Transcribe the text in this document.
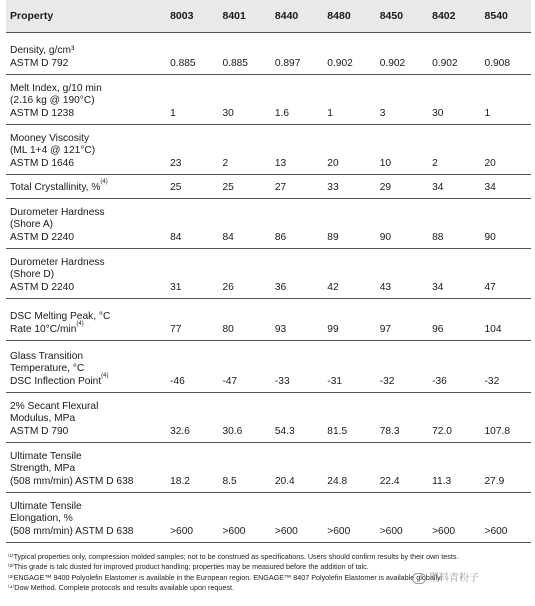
Property	8003	8401	8440	8480	8450	8402	8540

Density, g/cm³
ASTM D 792	0.885	0.885	0.897	0.902	0.902	0.902	0.908

Melt Index, g/10 min
(2.16 kg @ 190°C)
ASTM D 1238	1	30	1.6	1	3	30	1

Mooney Viscosity
(ML 1+4 @ 121°C)
ASTM D 1646	23	2	13	20	10	2	20

Total Crystallinity, %$^{(4)}$	25	25	27	33	29	34	34

Durometer Hardness
(Shore A)
ASTM D 2240	84	84	86	89	90	88	90

Durometer Hardness
(Shore D)
ASTM D 2240	31	26	36	42	43	34	47

DSC Melting Peak, °C
Rate $10^\circ C/\min^{(4)}$	77	80	93	99	97	96	104

Glass Transition
Temperature, °C
DSC Inflection Point$^{(4)}$	-46	-47	-33	-31	-32	-36	-32

2% Secant Flexural
Modulus, MPa
ASTM D 790	32.6	30.6	54.3	81.5	78.3	72.0	107.8

Ultimate Tensile
Strength, MPa
(508 mm/min) ASTM D 638	18.2	8.5	20.4	24.8	22.4	11.3	27.9

Ultimate Tensile
Elongation, %
(508 mm/min) ASTM D 638	>600	>600	>600	>600	>600	>600	>600
⁽¹⁾Typical properties only, compression molded samples; not to be construed as specifications. Users should confirm results by their own tests.
⁽²⁾This grade is talc dusted for improved product handling; properties may be measured before the addition of talc.
⁽³⁾ENGAGE™ 9400 Polyolefin Elastomer is available in the European region. ENGAGE™ 8407 Polyolefin Elastomer is available globally.
⁽⁴⁾Dow Method. Complete protocols and results available upon request.
塑料青粉子
